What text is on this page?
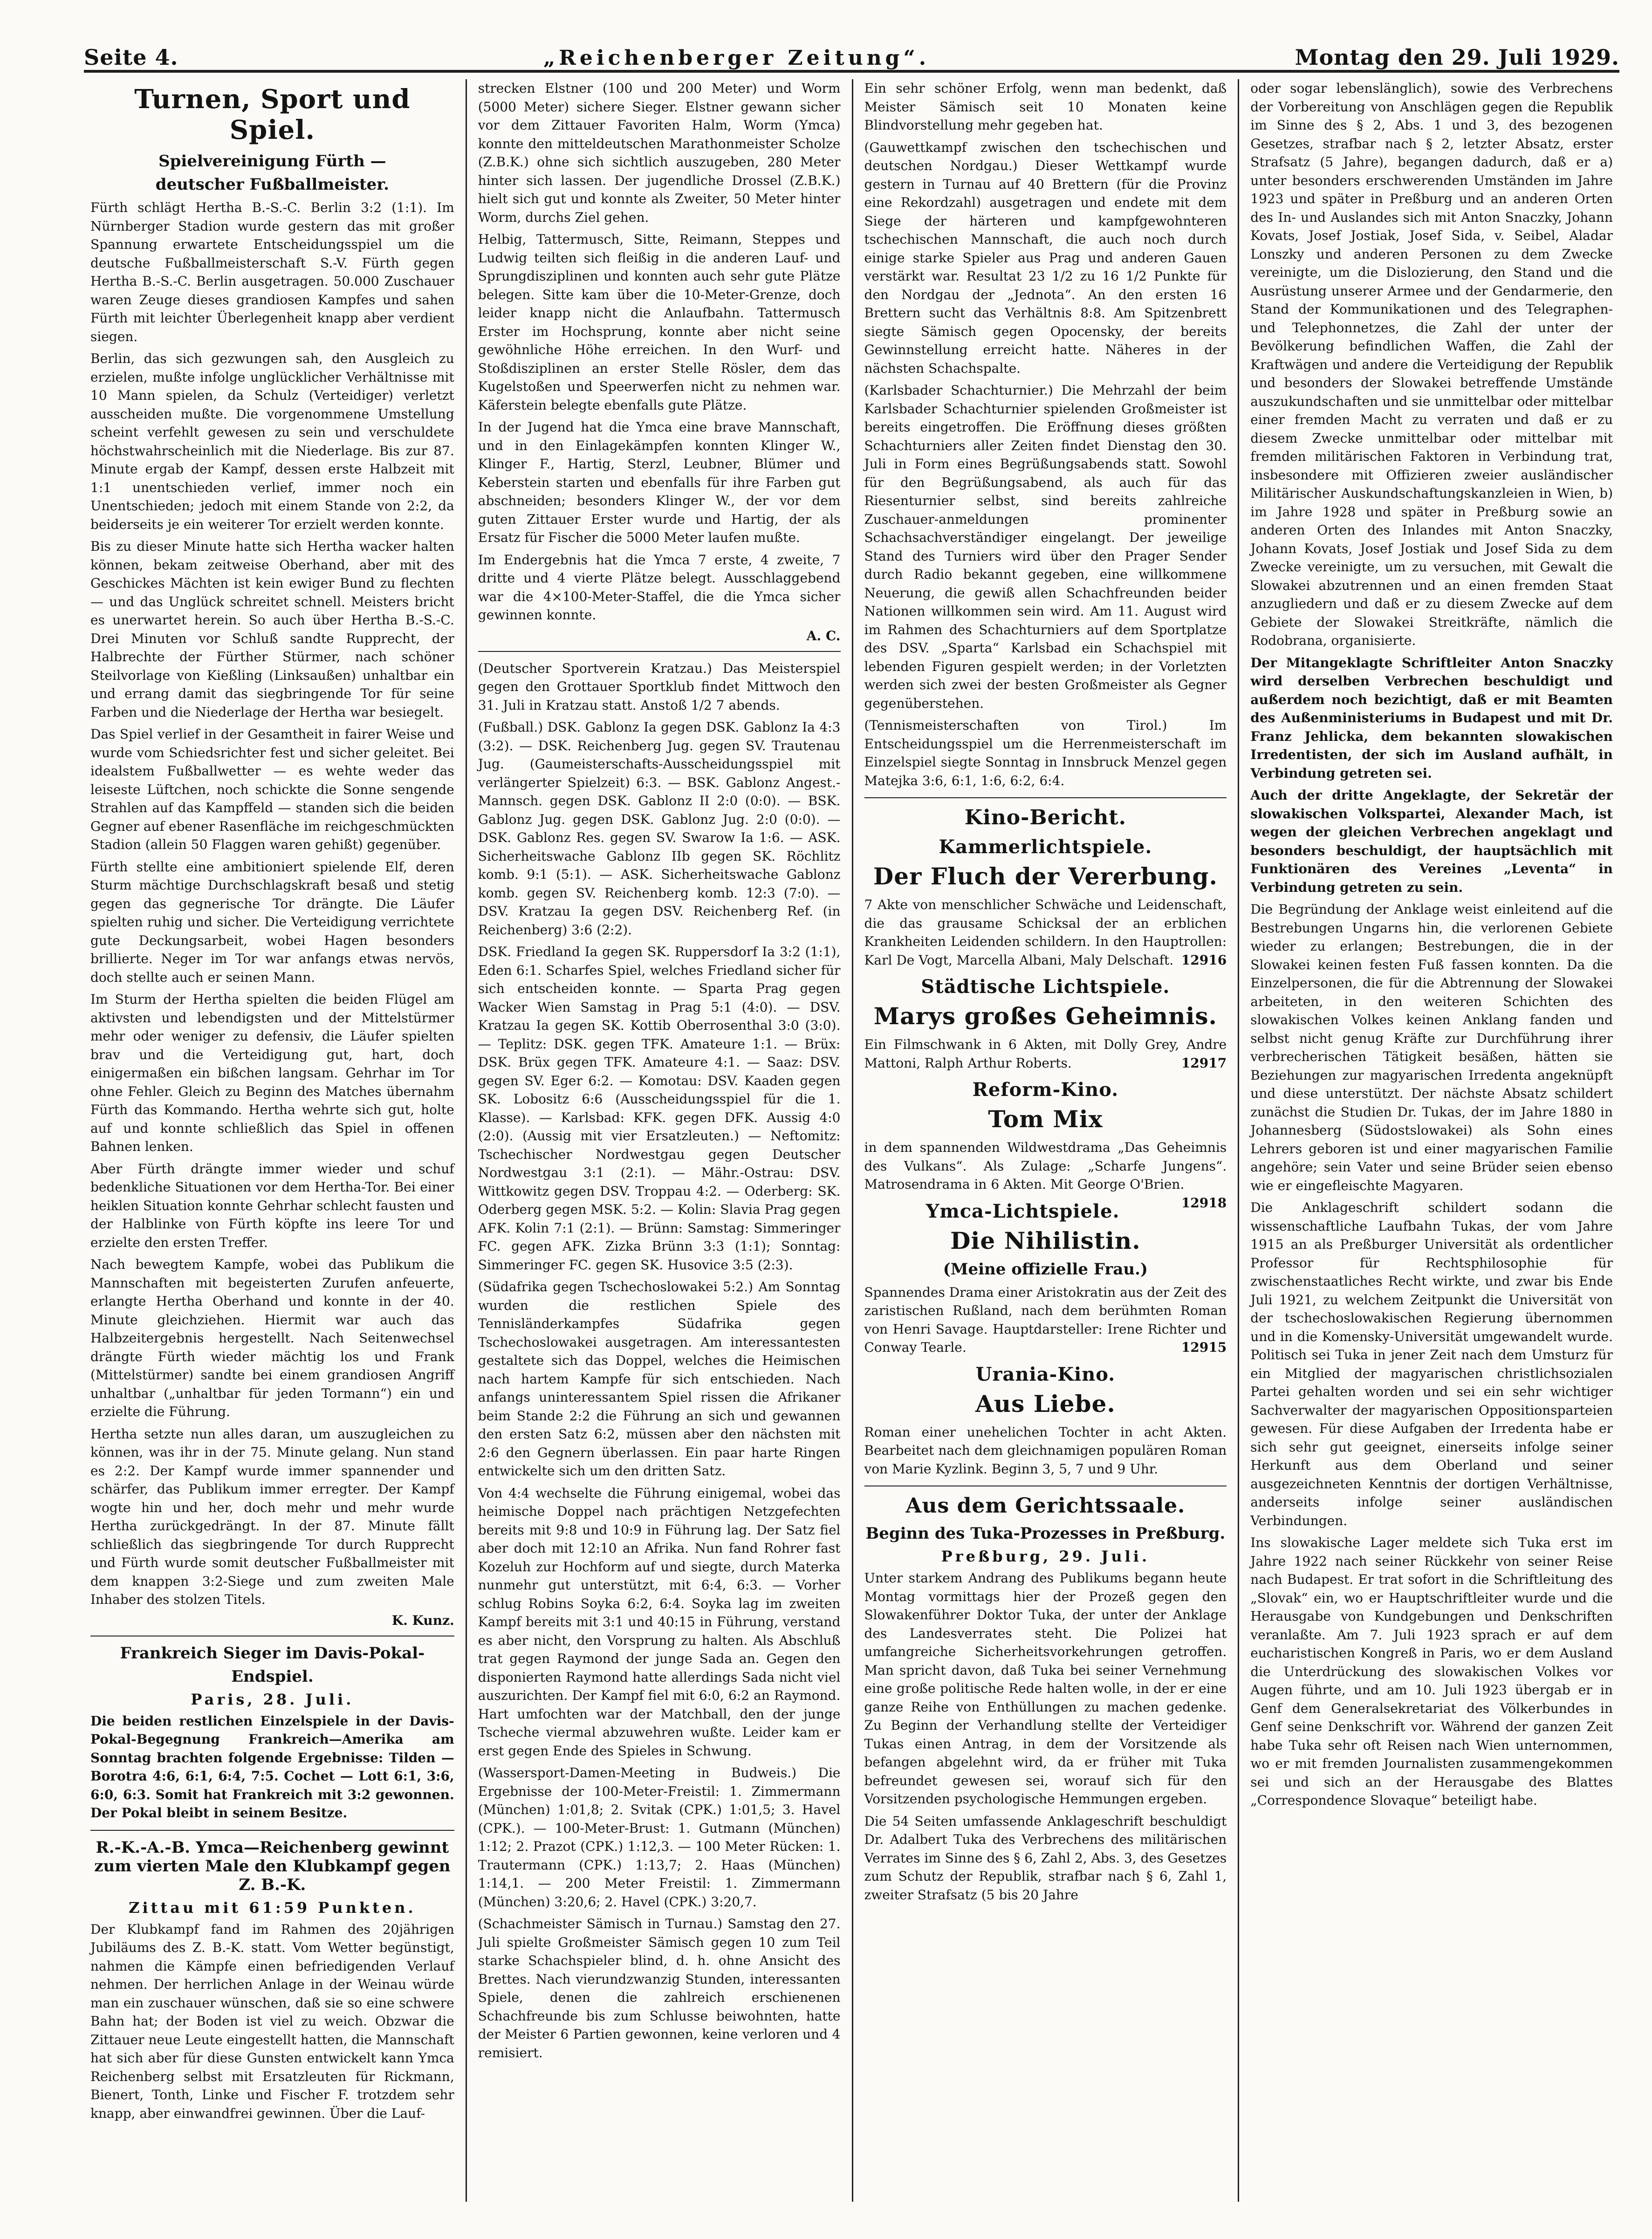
Seite 4.	„Reichenberger Zeitung“.	Montag den 29. Juli 1929.
Turnen, Sport und Spiel.
Spielvereinigung Fürth —
deutscher Fußballmeister.

Fürth schlägt Hertha B.-S.-C. Berlin 3:2 (1:1). Im Nürnberger Stadion wurde gestern das mit großer Spannung erwartete Entscheidungsspiel um die deutsche Fußballmeisterschaft S.-V. Fürth gegen Hertha B.-S.-C. Berlin ausgetragen. 50.000 Zuschauer waren Zeuge dieses grandiosen Kampfes und sahen Fürth mit leichter Überlegenheit knapp aber verdient siegen.

Berlin, das sich gezwungen sah, den Ausgleich zu erzielen, mußte infolge unglücklicher Verhältnisse mit 10 Mann spielen, da Schulz (Verteidiger) verletzt ausscheiden mußte. Die vorgenommene Umstellung scheint verfehlt gewesen zu sein und verschuldete höchstwahrscheinlich mit die Niederlage. Bis zur 87. Minute ergab der Kampf, dessen erste Halbzeit mit 1:1 unentschieden verlief, immer noch ein Unentschieden; jedoch mit einem Stande von 2:2, da beiderseits je ein weiterer Tor erzielt werden konnte.

Bis zu dieser Minute hatte sich Hertha wacker halten können, bekam zeitweise Oberhand, aber mit des Geschickes Mächten ist kein ewiger Bund zu flechten — und das Unglück schreitet schnell. Meisters bricht es unerwartet herein. So auch über Hertha B.-S.-C. Drei Minuten vor Schluß sandte Rupprecht, der Halbrechte der Fürther Stürmer, nach schöner Steilvorlage von Kießling (Linksaußen) unhaltbar ein und errang damit das siegbringende Tor für seine Farben und die Niederlage der Hertha war besiegelt.

Das Spiel verlief in der Gesamtheit in fairer Weise und wurde vom Schiedsrichter fest und sicher geleitet. Bei idealstem Fußballwetter — es wehte weder das leiseste Lüftchen, noch schickte die Sonne sengende Strahlen auf das Kampffeld — standen sich die beiden Gegner auf ebener Rasenfläche im reichgeschmückten Stadion (allein 50 Flaggen waren gehißt) gegenüber.

Fürth stellte eine ambitioniert spielende Elf, deren Sturm mächtige Durchschlagskraft besaß und stetig gegen das gegnerische Tor drängte. Die Läufer spielten ruhig und sicher. Die Verteidigung verrichtete gute Deckungsarbeit, wobei Hagen besonders brillierte. Neger im Tor war anfangs etwas nervös, doch stellte auch er seinen Mann.

Im Sturm der Hertha spielten die beiden Flügel am aktivsten und lebendigsten und der Mittelstürmer mehr oder weniger zu defensiv, die Läufer spielten brav und die Verteidigung gut, hart, doch einigermaßen ein bißchen langsam. Gehrhar im Tor ohne Fehler. Gleich zu Beginn des Matches übernahm Fürth das Kommando. Hertha wehrte sich gut, holte auf und konnte schließlich das Spiel in offenen Bahnen lenken.

Aber Fürth drängte immer wieder und schuf bedenkliche Situationen vor dem Hertha-Tor. Bei einer heiklen Situation konnte Gehrhar schlecht fausten und der Halblinke von Fürth köpfte ins leere Tor und erzielte den ersten Treffer.

Nach bewegtem Kampfe, wobei das Publikum die Mannschaften mit begeisterten Zurufen anfeuerte, erlangte Hertha Oberhand und konnte in der 40. Minute gleichziehen. Hiermit war auch das Halbzeitergebnis hergestellt. Nach Seitenwechsel drängte Fürth wieder mächtig los und Frank (Mittelstürmer) sandte bei einem grandiosen Angriff unhaltbar („unhaltbar für jeden Tormann“) ein und erzielte die Führung.

Hertha setzte nun alles daran, um auszugleichen zu können, was ihr in der 75. Minute gelang. Nun stand es 2:2. Der Kampf wurde immer spannender und schärfer, das Publikum immer erregter. Der Kampf wogte hin und her, doch mehr und mehr wurde Hertha zurückgedrängt. In der 87. Minute fällt schließlich das siegbringende Tor durch Rupprecht und Fürth wurde somit deutscher Fußballmeister mit dem knappen 3:2-Siege und zum zweiten Male Inhaber des stolzen Titels.

K. Kunz.
Frankreich Sieger im Davis-Pokal-
Endspiel.
Paris, 28. Juli.

Die beiden restlichen Einzelspiele in der Davis-Pokal-Begegnung Frankreich—Amerika am Sonntag brachten folgende Ergebnisse: Tilden — Borotra 4:6, 6:1, 6:4, 7:5. Cochet — Lott 6:1, 3:6, 6:0, 6:3. Somit hat Frankreich mit 3:2 gewonnen. Der Pokal bleibt in seinem Besitze.

R.-K.-A.-B. Ymca—Reichenberg gewinnt zum vierten Male den Klubkampf gegen Z. B.-K.
Zittau mit 61:59 Punkten.

Der Klubkampf fand im Rahmen des 20jährigen Jubiläums des Z. B.-K. statt. Vom Wetter begünstigt, nahmen die Kämpfe einen befriedigenden Verlauf nehmen. Der herrlichen Anlage in der Weinau würde man ein zuschauer wünschen, daß sie so eine schwere Bahn hat; der Boden ist viel zu weich. Obzwar die Zittauer neue Leute eingestellt hatten, die Mannschaft hat sich aber für diese Gunsten entwickelt kann Ymca Reichenberg selbst mit Ersatzleuten für Rickmann, Bienert, Tonth, Linke und Fischer F. trotzdem sehr knapp, aber einwandfrei gewinnen. Über die Lauf-

strecken Elstner (100 und 200 Meter) und Worm (5000 Meter) sichere Sieger. Elstner gewann sicher vor dem Zittauer Favoriten Halm, Worm (Ymca) konnte den mitteldeutschen Marathonmeister Scholze (Z.B.K.) ohne sich sichtlich auszugeben, 280 Meter hinter sich lassen. Der jugendliche Drossel (Z.B.K.) hielt sich gut und konnte als Zweiter, 50 Meter hinter Worm, durchs Ziel gehen.

Helbig, Tattermusch, Sitte, Reimann, Steppes und Ludwig teilten sich fleißig in die anderen Lauf- und Sprungdisziplinen und konnten auch sehr gute Plätze belegen. Sitte kam über die 10-Meter-Grenze, doch leider knapp nicht die Anlaufbahn. Tattermusch Erster im Hochsprung, konnte aber nicht seine gewöhnliche Höhe erreichen. In den Wurf- und Stoßdisziplinen an erster Stelle Rösler, dem das Kugelstoßen und Speerwerfen nicht zu nehmen war. Käferstein belegte ebenfalls gute Plätze.

In der Jugend hat die Ymca eine brave Mannschaft, und in den Einlagekämpfen konnten Klinger W., Klinger F., Hartig, Sterzl, Leubner, Blümer und Keberstein starten und ebenfalls für ihre Farben gut abschneiden; besonders Klinger W., der vor dem guten Zittauer Erster wurde und Hartig, der als Ersatz für Fischer die 5000 Meter laufen mußte.

Im Endergebnis hat die Ymca 7 erste, 4 zweite, 7 dritte und 4 vierte Plätze belegt. Ausschlaggebend war die 4×100-Meter-Staffel, die die Ymca sicher gewinnen konnte.

A. C.

(Deutscher Sportverein Kratzau.) Das Meisterspiel gegen den Grottauer Sportklub findet Mittwoch den 31. Juli in Kratzau statt. Anstoß 1/2 7 abends.

(Fußball.) DSK. Gablonz Ia gegen DSK. Gablonz Ia 4:3 (3:2). — DSK. Reichenberg Jug. gegen SV. Trautenau Jug. (Gaumeisterschafts-Ausscheidungsspiel mit verlängerter Spielzeit) 6:3. — BSK. Gablonz Angest.-Mannsch. gegen DSK. Gablonz II 2:0 (0:0). — BSK. Gablonz Jug. gegen DSK. Gablonz Jug. 2:0 (0:0). — DSK. Gablonz Res. gegen SV. Swarow Ia 1:6. — ASK. Sicherheitswache Gablonz IIb gegen SK. Röchlitz komb. 9:1 (5:1). — ASK. Sicherheitswache Gablonz komb. gegen SV. Reichenberg komb. 12:3 (7:0). — DSV. Kratzau Ia gegen DSV. Reichenberg Ref. (in Reichenberg) 3:6 (2:2).

DSK. Friedland Ia gegen SK. Ruppersdorf Ia 3:2 (1:1), Eden 6:1. Scharfes Spiel, welches Friedland sicher für sich entscheiden konnte. — Sparta Prag gegen Wacker Wien Samstag in Prag 5:1 (4:0). — DSV. Kratzau Ia gegen SK. Kottib Oberrosenthal 3:0 (3:0). — Teplitz: DSK. gegen TFK. Amateure 1:1. — Brüx: DSK. Brüx gegen TFK. Amateure 4:1. — Saaz: DSV. gegen SV. Eger 6:2. — Komotau: DSV. Kaaden gegen SK. Lobositz 6:6 (Ausscheidungsspiel für die 1. Klasse). — Karlsbad: KFK. gegen DFK. Aussig 4:0 (2:0). (Aussig mit vier Ersatzleuten.) — Neftomitz: Tschechischer Nordwestgau gegen Deutscher Nordwestgau 3:1 (2:1). — Mähr.-Ostrau: DSV. Wittkowitz gegen DSV. Troppau 4:2. — Oderberg: SK. Oderberg gegen MSK. 5:2. — Kolin: Slavia Prag gegen AFK. Kolin 7:1 (2:1). — Brünn: Samstag: Simmeringer FC. gegen AFK. Zizka Brünn 3:3 (1:1); Sonntag: Simmeringer FC. gegen SK. Husovice 3:5 (2:3).

(Südafrika gegen Tschechoslowakei 5:2.) Am Sonntag wurden die restlichen Spiele des Tennisländerkampfes Südafrika gegen Tschechoslowakei ausgetragen. Am interessantesten gestaltete sich das Doppel, welches die Heimischen nach hartem Kampfe für sich entschieden. Nach anfangs uninteressantem Spiel rissen die Afrikaner beim Stande 2:2 die Führung an sich und gewannen den ersten Satz 6:2, müssen aber den nächsten mit 2:6 den Gegnern überlassen. Ein paar harte Ringen entwickelte sich um den dritten Satz.

Von 4:4 wechselte die Führung einigemal, wobei das heimische Doppel nach prächtigen Netzgefechten bereits mit 9:8 und 10:9 in Führung lag. Der Satz fiel aber doch mit 12:10 an Afrika. Nun fand Rohrer fast Kozeluh zur Hochform auf und siegte, durch Materka nunmehr gut unterstützt, mit 6:4, 6:3. — Vorher schlug Robins Soyka 6:2, 6:4. Soyka lag im zweiten Kampf bereits mit 3:1 und 40:15 in Führung, verstand es aber nicht, den Vorsprung zu halten. Als Abschluß trat gegen Raymond der junge Sada an. Gegen den disponierten Raymond hatte allerdings Sada nicht viel auszurichten. Der Kampf fiel mit 6:0, 6:2 an Raymond. Hart umfochten war der Matchball, den der junge Tscheche viermal abzuwehren wußte. Leider kam er erst gegen Ende des Spieles in Schwung.

(Wassersport-Damen-Meeting in Budweis.) Die Ergebnisse der 100-Meter-Freistil: 1. Zimmermann (München) 1:01,8; 2. Svitak (CPK.) 1:01,5; 3. Havel (CPK.). — 100-Meter-Brust: 1. Gutmann (München) 1:12; 2. Prazot (CPK.) 1:12,3. — 100 Meter Rücken: 1. Trautermann (CPK.) 1:13,7; 2. Haas (München) 1:14,1. — 200 Meter Freistil: 1. Zimmermann (München) 3:20,6; 2. Havel (CPK.) 3:20,7.

(Schachmeister Sämisch in Turnau.) Samstag den 27. Juli spielte Großmeister Sämisch gegen 10 zum Teil starke Schachspieler blind, d. h. ohne Ansicht des Brettes. Nach vierundzwanzig Stunden, interessanten Spiele, denen die zahlreich erschienenen Schachfreunde bis zum Schlusse beiwohnten, hatte der Meister 6 Partien gewonnen, keine verloren und 4 remisiert.

Ein sehr schöner Erfolg, wenn man bedenkt, daß Meister Sämisch seit 10 Monaten keine Blindvorstellung mehr gegeben hat.

(Gauwettkampf zwischen den tschechischen und deutschen Nordgau.) Dieser Wettkampf wurde gestern in Turnau auf 40 Brettern (für die Provinz eine Rekordzahl) ausgetragen und endete mit dem Siege der härteren und kampfgewohnteren tschechischen Mannschaft, die auch noch durch einige starke Spieler aus Prag und anderen Gauen verstärkt war. Resultat 23 1/2 zu 16 1/2 Punkte für den Nordgau der „Jednota“. An den ersten 16 Brettern sucht das Verhältnis 8:8. Am Spitzenbrett siegte Sämisch gegen Opocensky, der bereits Gewinnstellung erreicht hatte. Näheres in der nächsten Schachspalte.

(Karlsbader Schachturnier.) Die Mehrzahl der beim Karlsbader Schachturnier spielenden Großmeister ist bereits eingetroffen. Die Eröffnung dieses größten Schachturniers aller Zeiten findet Dienstag den 30. Juli in Form eines Begrüßungsabends statt. Sowohl für den Begrüßungsabend, als auch für das Riesenturnier selbst, sind bereits zahlreiche Zuschauer-anmeldungen prominenter Schachsachverständiger eingelangt. Der jeweilige Stand des Turniers wird über den Prager Sender durch Radio bekannt gegeben, eine willkommene Neuerung, die gewiß allen Schachfreunden beider Nationen willkommen sein wird. Am 11. August wird im Rahmen des Schachturniers auf dem Sportplatze des DSV. „Sparta“ Karlsbad ein Schachspiel mit lebenden Figuren gespielt werden; in der Vorletzten werden sich zwei der besten Großmeister als Gegner gegenüberstehen.

(Tennismeisterschaften von Tirol.) Im Entscheidungsspiel um die Herrenmeisterschaft im Einzelspiel siegte Sonntag in Innsbruck Menzel gegen Matejka 3:6, 6:1, 1:6, 6:2, 6:4.

Kino-Bericht.
Kammerlichtspiele.
Der Fluch der Vererbung.

7 Akte von menschlicher Schwäche und Leidenschaft, die das grausame Schicksal der an erblichen Krankheiten Leidenden schildern. In den Hauptrollen: Karl De Vogt, Marcella Albani, Maly Delschaft. 12916

Städtische Lichtspiele.
Marys großes Geheimnis.

Ein Filmschwank in 6 Akten, mit Dolly Grey, Andre Mattoni, Ralph Arthur Roberts.	12917

Reform-Kino.
Tom Mix

in dem spannenden Wildwestdrama „Das Geheimnis des Vulkans“. Als Zulage: „Scharfe Jungens“. Matrosendrama in 6 Akten. Mit George O'Brien.
12918

Ymca-Lichtspiele.
Die Nihilistin.
(Meine offizielle Frau.)

Spannendes Drama einer Aristokratin aus der Zeit des zaristischen Rußland, nach dem berühmten Roman von Henri Savage. Hauptdarsteller: Irene Richter und Conway Tearle.	12915

Urania-Kino.
Aus Liebe.

Roman einer unehelichen Tochter in acht Akten. Bearbeitet nach dem gleichnamigen populären Roman von Marie Kyzlink. Beginn 3, 5, 7 und 9 Uhr.

Aus dem Gerichtssaale.
Beginn des Tuka-Prozesses in Preßburg.
Preßburg, 29. Juli.

Unter starkem Andrang des Publikums begann heute Montag vormittags hier der Prozeß gegen den Slowakenführer Doktor Tuka, der unter der Anklage des Landesverrates steht. Die Polizei hat umfangreiche Sicherheitsvorkehrungen getroffen. Man spricht davon, daß Tuka bei seiner Vernehmung eine große politische Rede halten wolle, in der er eine ganze Reihe von Enthüllungen zu machen gedenke. Zu Beginn der Verhandlung stellte der Verteidiger Tukas einen Antrag, in dem der Vorsitzende als befangen abgelehnt wird, da er früher mit Tuka befreundet gewesen sei, worauf sich für den Vorsitzenden psychologische Hemmungen ergeben.

Die 54 Seiten umfassende Anklageschrift beschuldigt Dr. Adalbert Tuka des Verbrechens des militärischen Verrates im Sinne des § 6, Zahl 2, Abs. 3, des Gesetzes zum Schutz der Republik, strafbar nach § 6, Zahl 1, zweiter Strafsatz (5 bis 20 Jahre

oder sogar lebenslänglich), sowie des Verbrechens der Vorbereitung von Anschlägen gegen die Republik im Sinne des § 2, Abs. 1 und 3, des bezogenen Gesetzes, strafbar nach § 2, letzter Absatz, erster Strafsatz (5 Jahre), begangen dadurch, daß er a) unter besonders erschwerenden Umständen im Jahre 1923 und später in Preßburg und an anderen Orten des In- und Auslandes sich mit Anton Snaczky, Johann Kovats, Josef Jostiak, Josef Sida, v. Seibel, Aladar Lonszky und anderen Personen zu dem Zwecke vereinigte, um die Dislozierung, den Stand und die Ausrüstung unserer Armee und der Gendarmerie, den Stand der Kommunikationen und des Telegraphen- und Telephonnetzes, die Zahl der unter der Bevölkerung befindlichen Waffen, die Zahl der Kraftwägen und andere die Verteidigung der Republik und besonders der Slowakei betreffende Umstände auszukundschaften und sie unmittelbar oder mittelbar einer fremden Macht zu verraten und daß er zu diesem Zwecke unmittelbar oder mittelbar mit fremden militärischen Faktoren in Verbindung trat, insbesondere mit Offizieren zweier ausländischer Militärischer Auskundschaftungskanzleien in Wien, b) im Jahre 1928 und später in Preßburg sowie an anderen Orten des Inlandes mit Anton Snaczky, Johann Kovats, Josef Jostiak und Josef Sida zu dem Zwecke vereinigte, um zu versuchen, mit Gewalt die Slowakei abzutrennen und an einen fremden Staat anzugliedern und daß er zu diesem Zwecke auf dem Gebiete der Slowakei Streitkräfte, nämlich die Rodobrana, organisierte.

Der Mitangeklagte Schriftleiter Anton Snaczky wird derselben Verbrechen beschuldigt und außerdem noch bezichtigt, daß er mit Beamten des Außenministeriums in Budapest und mit Dr. Franz Jehlicka, dem bekannten slowakischen Irredentisten, der sich im Ausland aufhält, in Verbindung getreten sei.

Auch der dritte Angeklagte, der Sekretär der slowakischen Volkspartei, Alexander Mach, ist wegen der gleichen Verbrechen angeklagt und besonders beschuldigt, der hauptsächlich mit Funktionären des Vereines „Leventa“ in Verbindung getreten zu sein.

Die Begründung der Anklage weist einleitend auf die Bestrebungen Ungarns hin, die verlorenen Gebiete wieder zu erlangen; Bestrebungen, die in der Slowakei keinen festen Fuß fassen konnten. Da die Einzelpersonen, die für die Abtrennung der Slowakei arbeiteten, in den weiteren Schichten des slowakischen Volkes keinen Anklang fanden und selbst nicht genug Kräfte zur Durchführung ihrer verbrecherischen Tätigkeit besäßen, hätten sie Beziehungen zur magyarischen Irredenta angeknüpft und diese unterstützt. Der nächste Absatz schildert zunächst die Studien Dr. Tukas, der im Jahre 1880 in Johannesberg (Südostslowakei) als Sohn eines Lehrers geboren ist und einer magyarischen Familie angehöre; sein Vater und seine Brüder seien ebenso wie er eingefleischte Magyaren.

Die Anklageschrift schildert sodann die wissenschaftliche Laufbahn Tukas, der vom Jahre 1915 an als Preßburger Universität als ordentlicher Professor für Rechtsphilosophie für zwischenstaatliches Recht wirkte, und zwar bis Ende Juli 1921, zu welchem Zeitpunkt die Universität von der tschechoslowakischen Regierung übernommen und in die Komensky-Universität umgewandelt wurde. Politisch sei Tuka in jener Zeit nach dem Umsturz für ein Mitglied der magyarischen christlichsozialen Partei gehalten worden und sei ein sehr wichtiger Sachverwalter der magyarischen Oppositionsparteien gewesen. Für diese Aufgaben der Irredenta habe er sich sehr gut geeignet, einerseits infolge seiner Herkunft aus dem Oberland und seiner ausgezeichneten Kenntnis der dortigen Verhältnisse, anderseits infolge seiner ausländischen Verbindungen.

Ins slowakische Lager meldete sich Tuka erst im Jahre 1922 nach seiner Rückkehr von seiner Reise nach Budapest. Er trat sofort in die Schriftleitung des „Slovak“ ein, wo er Hauptschriftleiter wurde und die Herausgabe von Kundgebungen und Denkschriften veranlaßte. Am 7. Juli 1923 sprach er auf dem eucharistischen Kongreß in Paris, wo er dem Ausland die Unterdrückung des slowakischen Volkes vor Augen führte, und am 10. Juli 1923 übergab er in Genf dem Generalsekretariat des Völkerbundes in Genf seine Denkschrift vor. Während der ganzen Zeit habe Tuka sehr oft Reisen nach Wien unternommen, wo er mit fremden Journalisten zusammengekommen sei und sich an der Herausgabe des Blattes „Correspondence Slovaque“ beteiligt habe.
